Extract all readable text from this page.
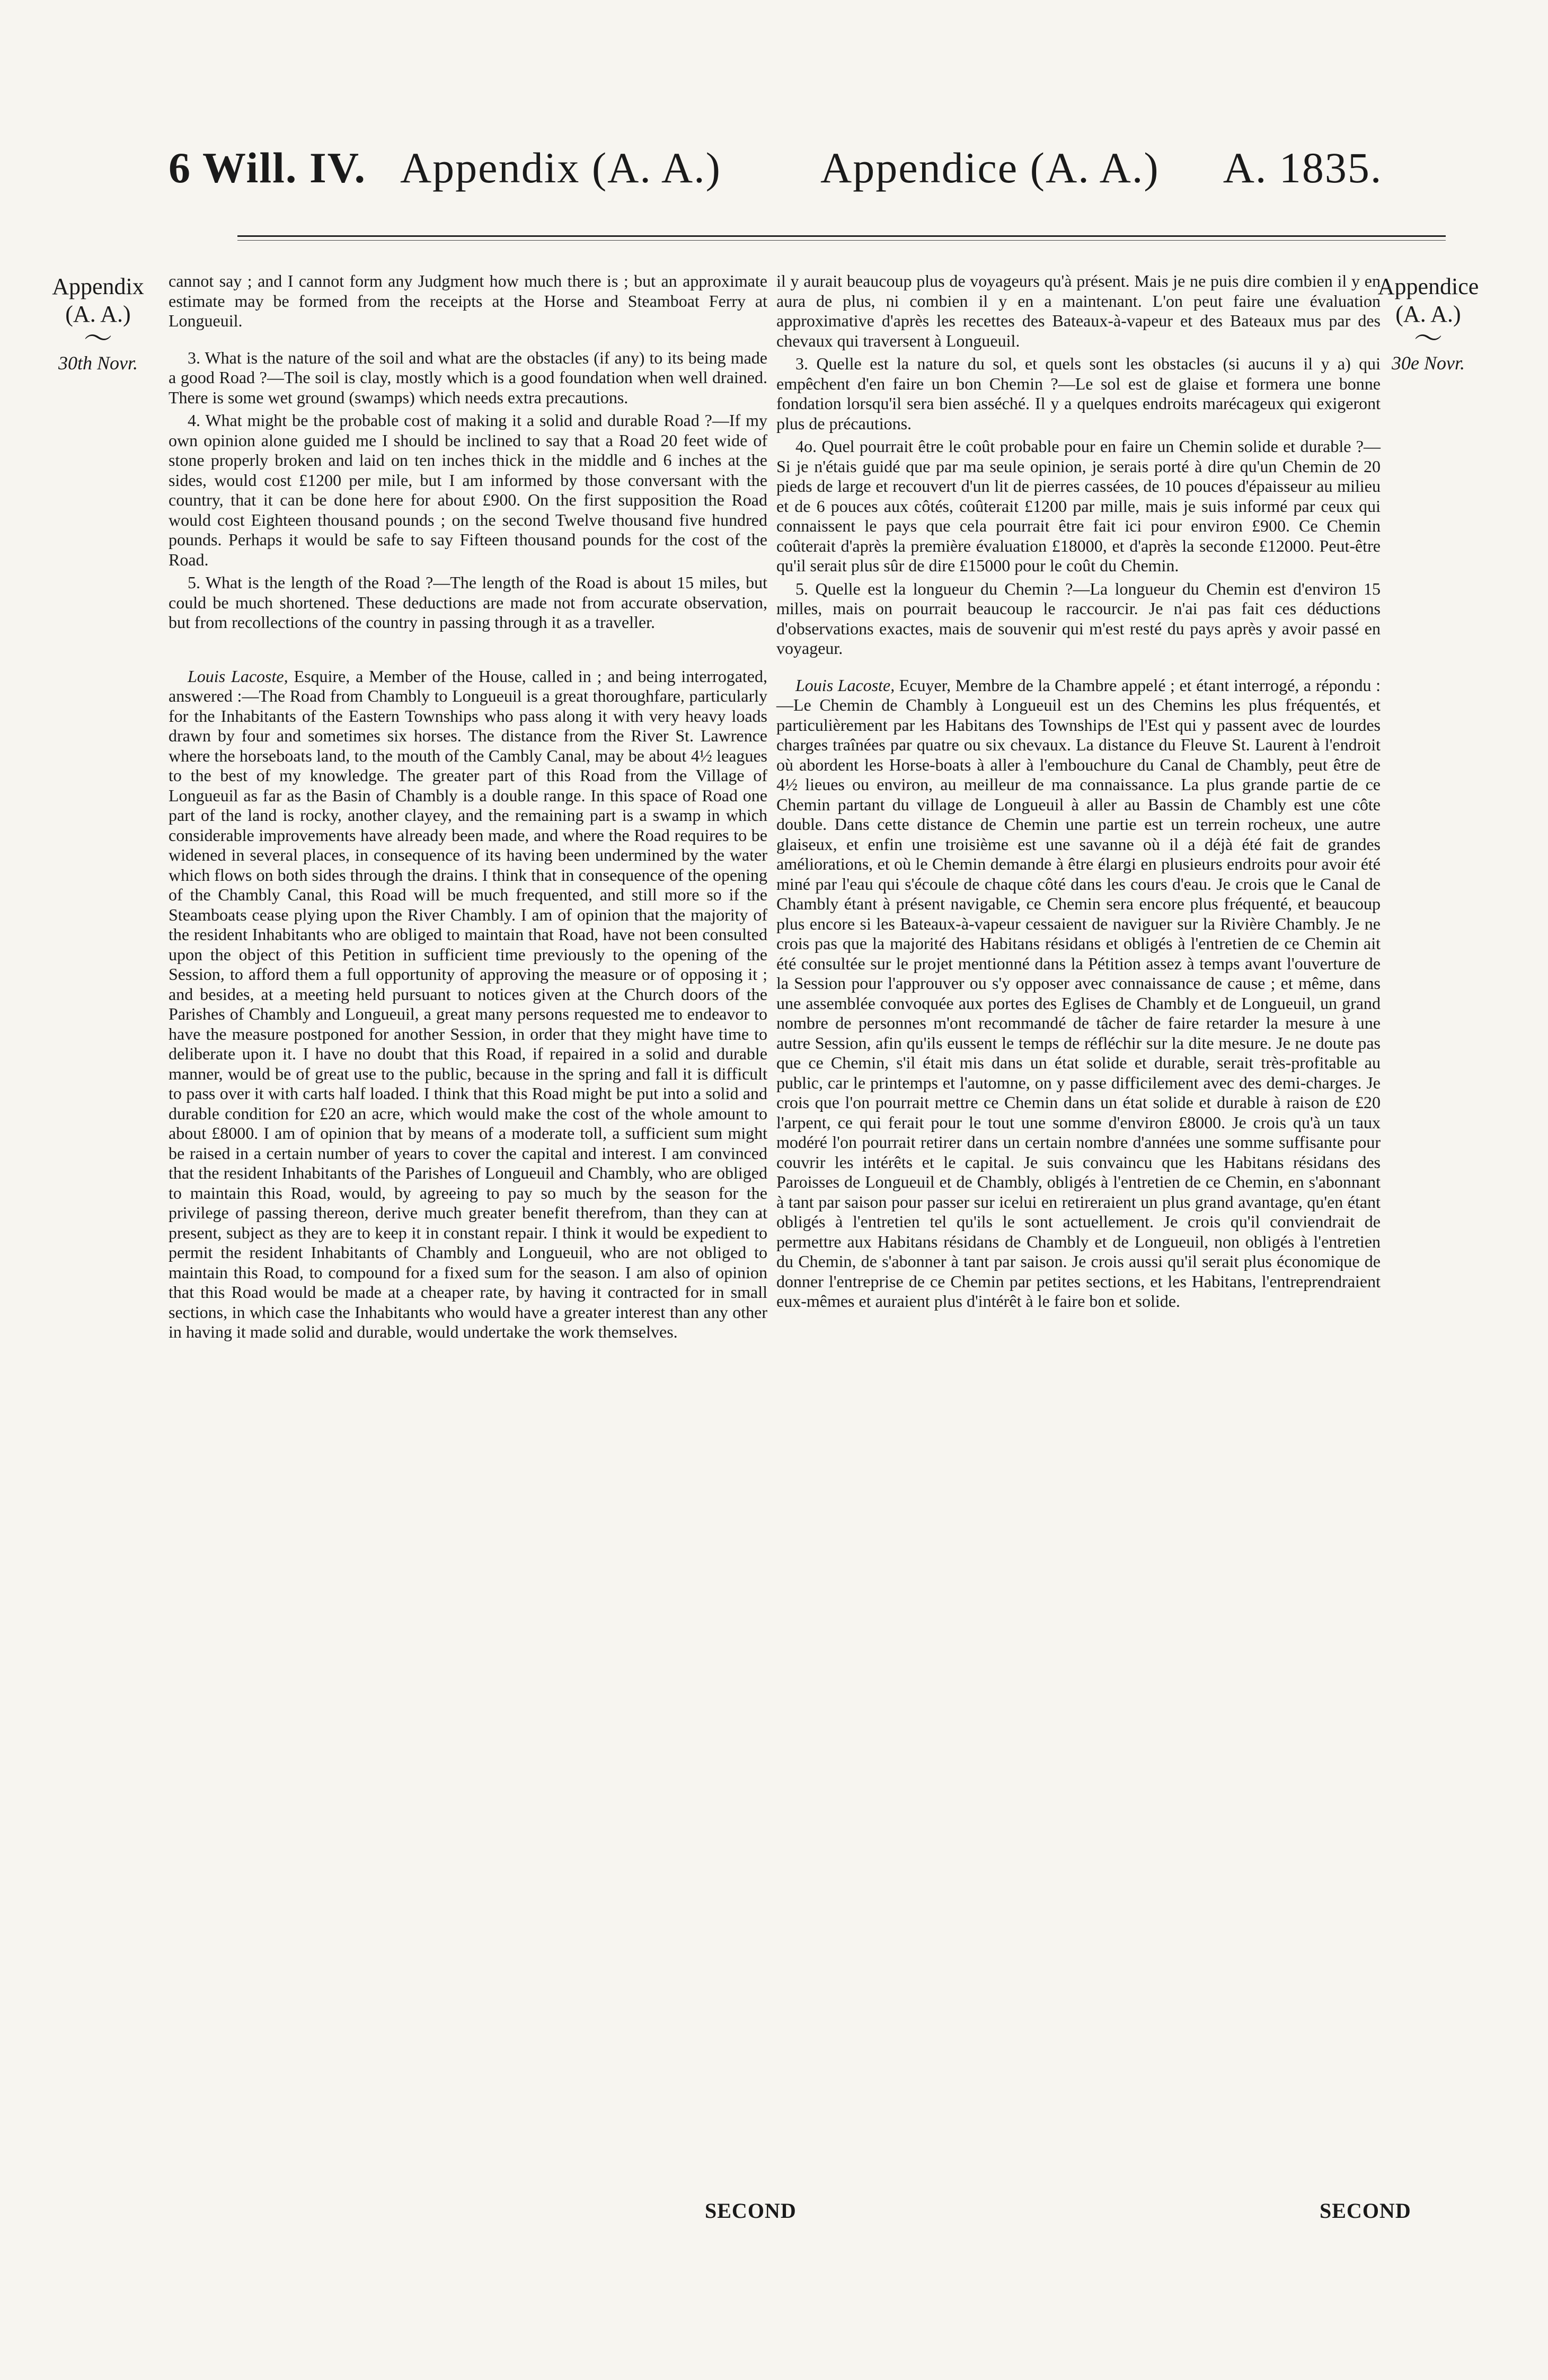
6 Will. IV. Appendix (A. A.) Appendice (A. A.) A. 1835.
Appendix
(A. A.)
～
30th Novr.
Appendice
(A. A.)
～
30e Novr.

cannot say ; and I cannot form any Judgment how much there is ; but an approximate estimate may be formed from the receipts at the Horse and Steamboat Ferry at Longueuil.

3. What is the nature of the soil and what are the obstacles (if any) to its being made a good Road ?—The soil is clay, mostly which is a good foundation when well drained. There is some wet ground (swamps) which needs extra precautions.

4. What might be the probable cost of making it a solid and durable Road ?—If my own opinion alone guided me I should be inclined to say that a Road 20 feet wide of stone properly broken and laid on ten inches thick in the middle and 6 inches at the sides, would cost £1200 per mile, but I am informed by those conversant with the country, that it can be done here for about £900. On the first supposition the Road would cost Eighteen thousand pounds ; on the second Twelve thousand five hundred pounds. Perhaps it would be safe to say Fifteen thousand pounds for the cost of the Road.

5. What is the length of the Road ?—The length of the Road is about 15 miles, but could be much shortened. These deductions are made not from accurate observation, but from recollections of the country in passing through it as a traveller.

Louis Lacoste, Esquire, a Member of the House, called in ; and being interrogated, answered :—The Road from Chambly to Longueuil is a great thoroughfare, particularly for the Inhabitants of the Eastern Townships who pass along it with very heavy loads drawn by four and sometimes six horses. The distance from the River St. Lawrence where the horseboats land, to the mouth of the Cambly Canal, may be about 4½ leagues to the best of my knowledge. The greater part of this Road from the Village of Longueuil as far as the Basin of Chambly is a double range. In this space of Road one part of the land is rocky, another clayey, and the remaining part is a swamp in which considerable improvements have already been made, and where the Road requires to be widened in several places, in consequence of its having been undermined by the water which flows on both sides through the drains. I think that in consequence of the opening of the Chambly Canal, this Road will be much frequented, and still more so if the Steamboats cease plying upon the River Chambly. I am of opinion that the majority of the resident Inhabitants who are obliged to maintain that Road, have not been consulted upon the object of this Petition in sufficient time previously to the opening of the Session, to afford them a full opportunity of approving the measure or of opposing it ; and besides, at a meeting held pursuant to notices given at the Church doors of the Parishes of Chambly and Longueuil, a great many persons requested me to endeavor to have the measure postponed for another Session, in order that they might have time to deliberate upon it. I have no doubt that this Road, if repaired in a solid and durable manner, would be of great use to the public, because in the spring and fall it is difficult to pass over it with carts half loaded. I think that this Road might be put into a solid and durable condition for £20 an acre, which would make the cost of the whole amount to about £8000. I am of opinion that by means of a moderate toll, a sufficient sum might be raised in a certain number of years to cover the capital and interest. I am convinced that the resident Inhabitants of the Parishes of Longueuil and Chambly, who are obliged to maintain this Road, would, by agreeing to pay so much by the season for the privilege of passing thereon, derive much greater benefit therefrom, than they can at present, subject as they are to keep it in constant repair. I think it would be expedient to permit the resident Inhabitants of Chambly and Longueuil, who are not obliged to maintain this Road, to compound for a fixed sum for the season. I am also of opinion that this Road would be made at a cheaper rate, by having it contracted for in small sections, in which case the Inhabitants who would have a greater interest than any other in having it made solid and durable, would undertake the work themselves.

il y aurait beaucoup plus de voyageurs qu'à présent. Mais je ne puis dire combien il y en aura de plus, ni combien il y en a maintenant. L'on peut faire une évaluation approximative d'après les recettes des Bateaux-à-vapeur et des Bateaux mus par des chevaux qui traversent à Longueuil.

3. Quelle est la nature du sol, et quels sont les obstacles (si aucuns il y a) qui empêchent d'en faire un bon Chemin ?—Le sol est de glaise et formera une bonne fondation lorsqu'il sera bien asséché. Il y a quelques endroits marécageux qui exigeront plus de précautions.

4o. Quel pourrait être le coût probable pour en faire un Chemin solide et durable ?—Si je n'étais guidé que par ma seule opinion, je serais porté à dire qu'un Chemin de 20 pieds de large et recouvert d'un lit de pierres cassées, de 10 pouces d'épaisseur au milieu et de 6 pouces aux côtés, coûterait £1200 par mille, mais je suis informé par ceux qui connaissent le pays que cela pourrait être fait ici pour environ £900. Ce Chemin coûterait d'après la première évaluation £18000, et d'après la seconde £12000. Peut-être qu'il serait plus sûr de dire £15000 pour le coût du Chemin.

5. Quelle est la longueur du Chemin ?—La longueur du Chemin est d'environ 15 milles, mais on pourrait beaucoup le raccourcir. Je n'ai pas fait ces déductions d'observations exactes, mais de souvenir qui m'est resté du pays après y avoir passé en voyageur.

Louis Lacoste, Ecuyer, Membre de la Chambre appelé ; et étant interrogé, a répondu :—Le Chemin de Chambly à Longueuil est un des Chemins les plus fréquentés, et particulièrement par les Habitans des Townships de l'Est qui y passent avec de lourdes charges traînées par quatre ou six chevaux. La distance du Fleuve St. Laurent à l'endroit où abordent les Horse-boats à aller à l'embouchure du Canal de Chambly, peut être de 4½ lieues ou environ, au meilleur de ma connaissance. La plus grande partie de ce Chemin partant du village de Longueuil à aller au Bassin de Chambly est une côte double. Dans cette distance de Chemin une partie est un terrein rocheux, une autre glaiseux, et enfin une troisième est une savanne où il a déjà été fait de grandes améliorations, et où le Chemin demande à être élargi en plusieurs endroits pour avoir été miné par l'eau qui s'écoule de chaque côté dans les cours d'eau. Je crois que le Canal de Chambly étant à présent navigable, ce Chemin sera encore plus fréquenté, et beaucoup plus encore si les Bateaux-à-vapeur cessaient de naviguer sur la Rivière Chambly. Je ne crois pas que la majorité des Habitans résidans et obligés à l'entretien de ce Chemin ait été consultée sur le projet mentionné dans la Pétition assez à temps avant l'ouverture de la Session pour l'approuver ou s'y opposer avec connaissance de cause ; et même, dans une assemblée convoquée aux portes des Eglises de Chambly et de Longueuil, un grand nombre de personnes m'ont recommandé de tâcher de faire retarder la mesure à une autre Session, afin qu'ils eussent le temps de réfléchir sur la dite mesure. Je ne doute pas que ce Chemin, s'il était mis dans un état solide et durable, serait très-profitable au public, car le printemps et l'automne, on y passe difficilement avec des demi-charges. Je crois que l'on pourrait mettre ce Chemin dans un état solide et durable à raison de £20 l'arpent, ce qui ferait pour le tout une somme d'environ £8000. Je crois qu'à un taux modéré l'on pourrait retirer dans un certain nombre d'années une somme suffisante pour couvrir les intérêts et le capital. Je suis convaincu que les Habitans résidans des Paroisses de Longueuil et de Chambly, obligés à l'entretien de ce Chemin, en s'abonnant à tant par saison pour passer sur icelui en retireraient un plus grand avantage, qu'en étant obligés à l'entretien tel qu'ils le sont actuellement. Je crois qu'il conviendrait de permettre aux Habitans résidans de Chambly et de Longueuil, non obligés à l'entretien du Chemin, de s'abonner à tant par saison. Je crois aussi qu'il serait plus économique de donner l'entreprise de ce Chemin par petites sections, et les Habitans, l'entreprendraient eux-mêmes et auraient plus d'intérêt à le faire bon et solide.

SECOND	SECOND
